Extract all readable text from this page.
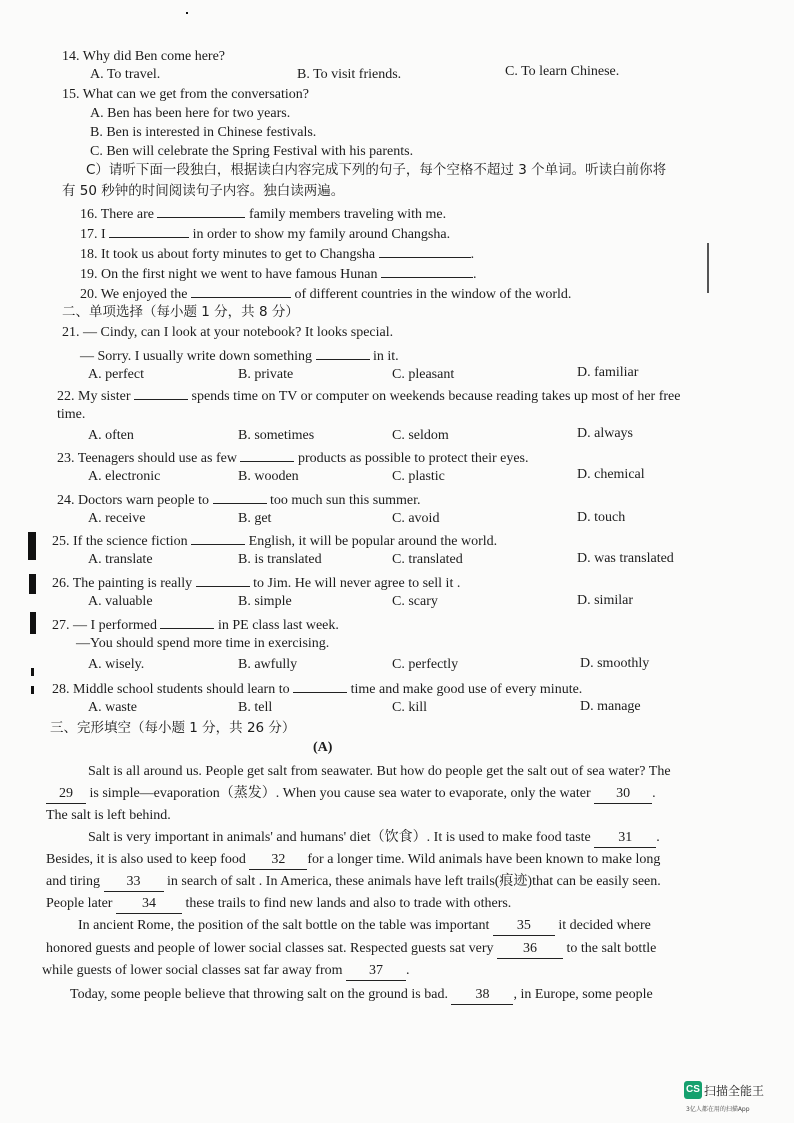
14. Why did Ben come here?
A. To travel.	B. To visit friends.	C. To learn Chinese.
15. What can we get from the conversation?
A. Ben has been here for two years.
B. Ben is interested in Chinese festivals.
C. Ben will celebrate the Spring Festival with his parents.
C）请听下面一段独白，根据读白内容完成下列的句子，每个空格不超过 3 个单词。听读白前你将
有 50 秒钟的时间阅读句子内容。独白读两遍。
16. There are	family members traveling with me.
17. I	in order to show my family around Changsha.
18. It took us about forty minutes to get to Changsha	.
19. On the first night we went to have famous Hunan	.
20. We enjoyed the	of different countries in the window of the world.
二、单项选择（每小题 1 分，共 8 分）
21. — Cindy, can I look at your notebook? It looks special.
— Sorry. I usually write down something	in it.
A. perfect	B. private	C. pleasant	D. familiar
22. My sister	spends time on TV or computer on weekends because reading takes up most of her free
time.
A. often	B. sometimes	C. seldom	D. always
23. Teenagers should use as few	products as possible to protect their eyes.
A. electronic	B. wooden	C. plastic	D. chemical
24. Doctors warn people to	too much sun this summer.
A. receive	B. get	C. avoid	D. touch
25. If the science fiction	English, it will be popular around the world.
A. translate	B. is translated	C. translated	D. was translated
26. The painting is really	to Jim. He will never agree to sell it .
A. valuable	B. simple	C. scary	D. similar
27. — I performed	in PE class last week.
—You should spend more time in exercising.
A. wisely.	B. awfully	C. perfectly	D. smoothly
28. Middle school students should learn to	time and make good use of every minute.
A. waste	B. tell	C. kill	D. manage
三、完形填空（每小题 1 分，共 26 分）
(A)
Salt is all around us. People get salt from seawater. But how do people get the salt out of sea water? The
29 is simple—evaporation（蒸发）. When you cause sea water to evaporate, only the water 30 .
The salt is left behind.
Salt is very important in animals' and humans' diet（饮食）. It is used to make food taste 31 .
Besides, it is also used to keep food 32 for a longer time. Wild animals have been known to make long
and tiring 33 in search of salt . In America, these animals have left trails(痕迹)that can be easily seen.
People later 34 these trails to find new lands and also to trade with others.
In ancient Rome, the position of the salt bottle on the table was important 35 it decided where
honored guests and people of lower social classes sat. Respected guests sat very 36 to the salt bottle
while guests of lower social classes sat far away from 37 .
Today, some people believe that throwing salt on the ground is bad. 38 , in Europe, some people
CS 扫描全能王
3亿人都在用的扫描App
